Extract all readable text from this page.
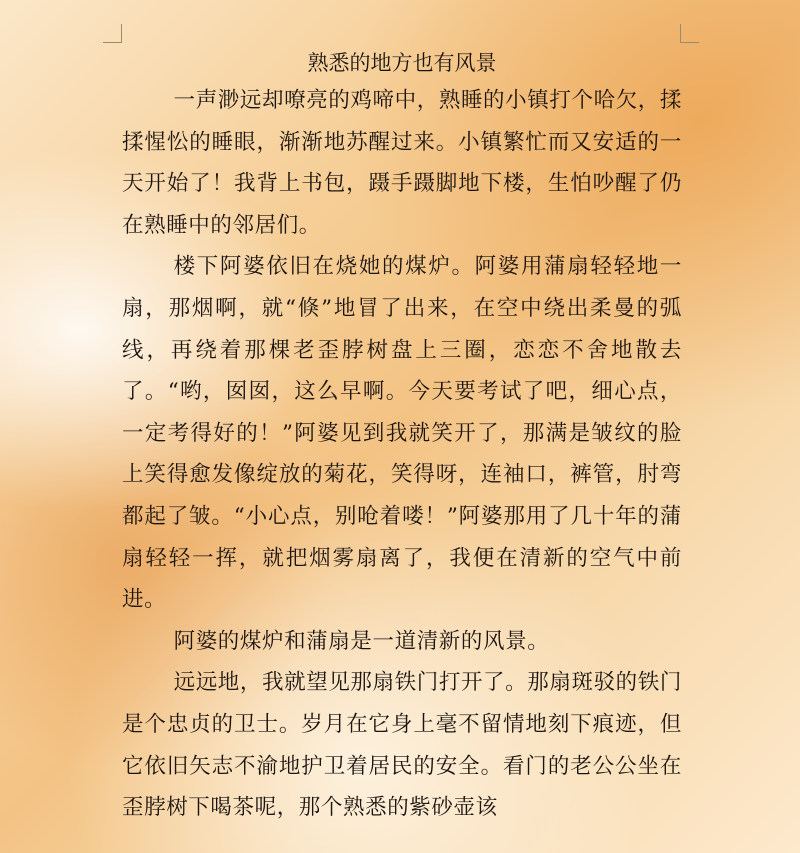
熟悉的地方也有风景

一声渺远却嘹亮的鸡啼中，熟睡的小镇打个哈欠，揉揉惺忪的睡眼，渐渐地苏醒过来。小镇繁忙而又安适的一天开始了！我背上书包，蹑手蹑脚地下楼，生怕吵醒了仍在熟睡中的邻居们。

楼下阿婆依旧在烧她的煤炉。阿婆用蒲扇轻轻地一扇，那烟啊，就“倏”地冒了出来，在空中绕出柔曼的弧线，再绕着那棵老歪脖树盘上三圈，恋恋不舍地散去了。“哟，囡囡，这么早啊。今天要考试了吧，细心点，一定考得好的！”阿婆见到我就笑开了，那满是皱纹的脸上笑得愈发像绽放的菊花，笑得呀，连袖口，裤管，肘弯都起了皱。“小心点，别呛着喽！”阿婆那用了几十年的蒲扇轻轻一挥，就把烟雾扇离了，我便在清新的空气中前进。

阿婆的煤炉和蒲扇是一道清新的风景。

远远地，我就望见那扇铁门打开了。那扇斑驳的铁门是个忠贞的卫士。岁月在它身上毫不留情地刻下痕迹，但它依旧矢志不渝地护卫着居民的安全。看门的老公公坐在歪脖树下喝茶呢，那个熟悉的紫砂壶该
